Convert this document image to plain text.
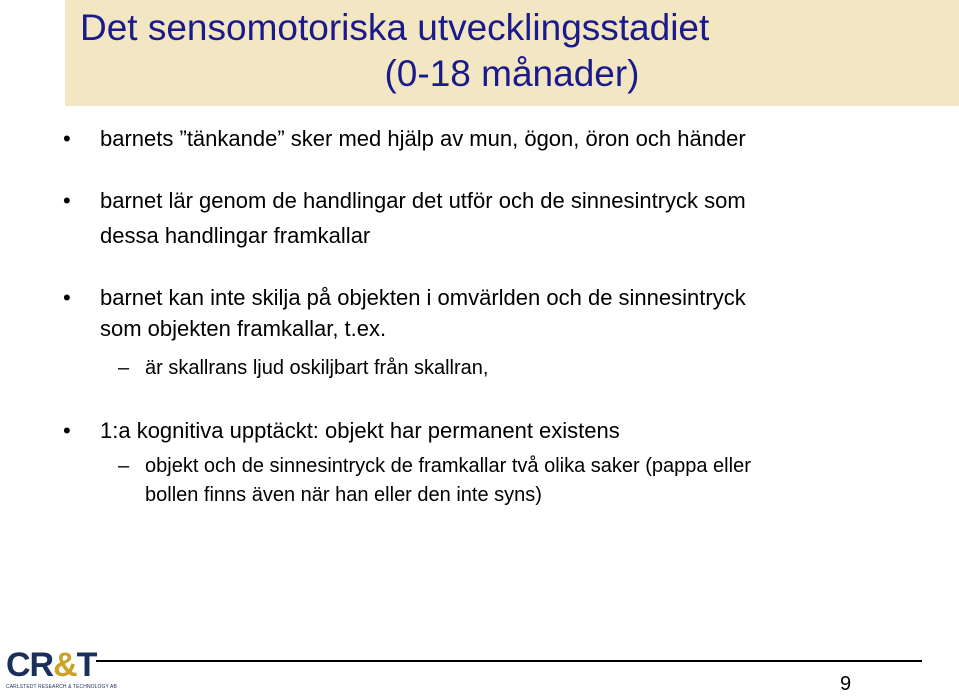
Det sensomotoriska utvecklingsstadiet
(0-18 månader)
• barnets ”tänkande” sker med hjälp av mun, ögon, öron och händer
• barnet lär genom de handlingar det utför och de sinnesintryck som
dessa handlingar framkallar
• barnet kan inte skilja på objekten i omvärlden och de sinnesintryck
som objekten framkallar, t.ex.
– är skallrans ljud oskiljbart från skallran,
• 1:a kognitiva upptäckt: objekt har permanent existens
– objekt och de sinnesintryck de framkallar två olika saker (pappa eller
bollen finns även när han eller den inte syns)
CR&T
CARLSTEDT RESEARCH & TECHNOLOGY AB	9
